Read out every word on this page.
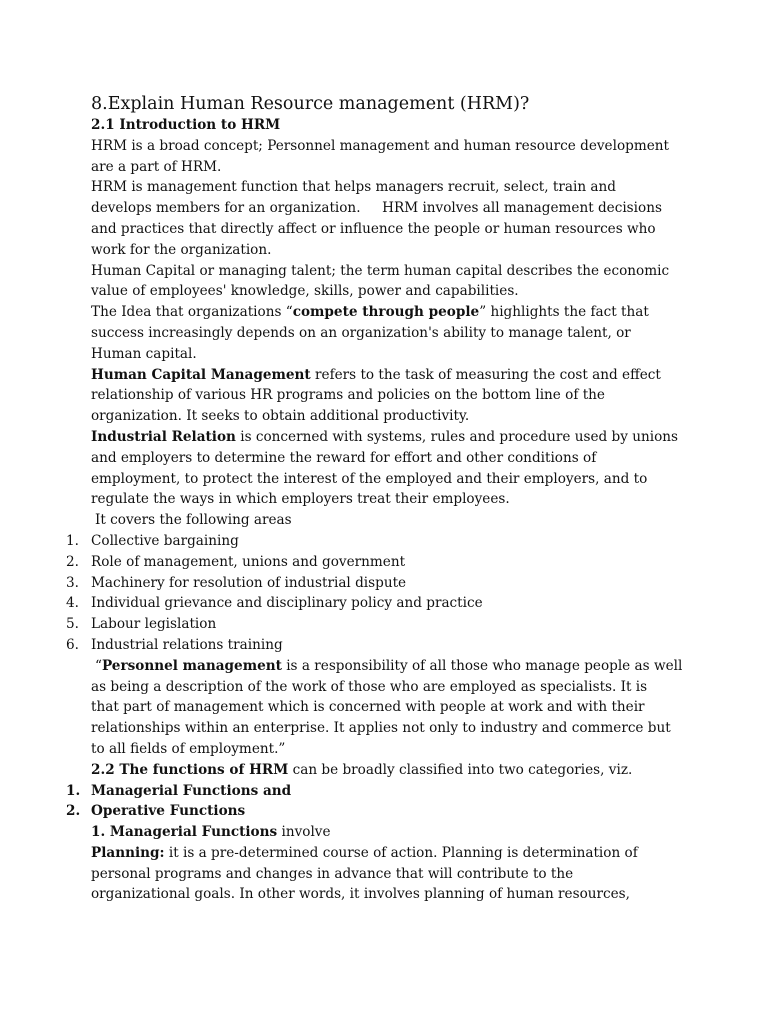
8.Explain Human Resource management (HRM)?
2.1 Introduction to HRM
HRM is a broad concept; Personnel management and human resource development
are a part of HRM.
HRM is management function that helps managers recruit, select, train and
develops members for an organization.     HRM involves all management decisions
and practices that directly affect or influence the people or human resources who
work for the organization.
Human Capital or managing talent; the term human capital describes the economic
value of employees' knowledge, skills, power and capabilities.
The Idea that organizations “compete through people” highlights the fact that
success increasingly depends on an organization's ability to manage talent, or
Human capital.
Human Capital Management refers to the task of measuring the cost and effect
relationship of various HR programs and policies on the bottom line of the
organization. It seeks to obtain additional productivity.
Industrial Relation is concerned with systems, rules and procedure used by unions
and employers to determine the reward for effort and other conditions of
employment, to protect the interest of the employed and their employers, and to
regulate the ways in which employers treat their employees.
It covers the following areas
1. Collective bargaining
2. Role of management, unions and government
3. Machinery for resolution of industrial dispute
4. Individual grievance and disciplinary policy and practice
5. Labour legislation
6. Industrial relations training
“Personnel management is a responsibility of all those who manage people as well
as being a description of the work of those who are employed as specialists. It is
that part of management which is concerned with people at work and with their
relationships within an enterprise. It applies not only to industry and commerce but
to all fields of employment.”
2.2 The functions of HRM can be broadly classified into two categories, viz.
1. Managerial Functions and
2. Operative Functions
1. Managerial Functions involve
Planning: it is a pre-determined course of action. Planning is determination of
personal programs and changes in advance that will contribute to the
organizational goals. In other words, it involves planning of human resources,
